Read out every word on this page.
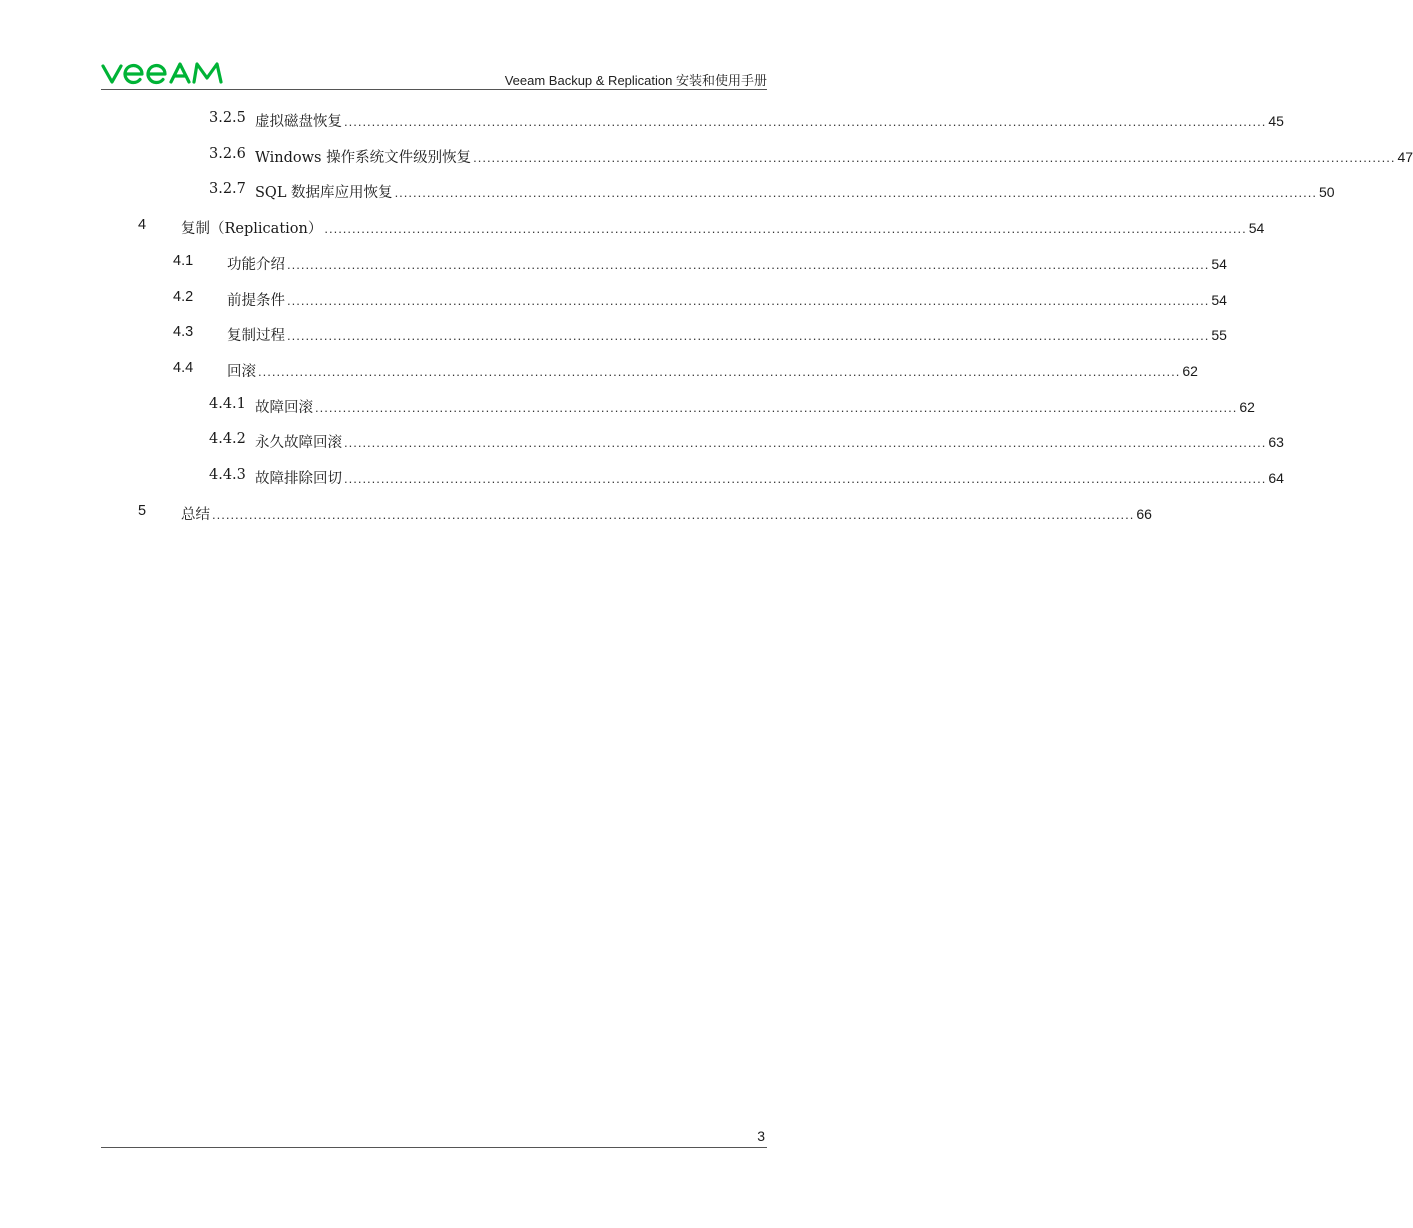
Veeam Backup & Replication 安装和使用手册
3.2.5 虚拟磁盘恢复 ........................................................................................................................................................................................................ 45
3.2.6 Windows 操作系统文件级别恢复 ........................................................................................................................................................................................................ 47
3.2.7 SQL 数据库应用恢复 ........................................................................................................................................................................................................ 50
4 复制（Replication） ........................................................................................................................................................................................................ 54
4.1 功能介绍 ........................................................................................................................................................................................................ 54
4.2 前提条件 ........................................................................................................................................................................................................ 54
4.3 复制过程 ........................................................................................................................................................................................................ 55
4.4 回滚 ........................................................................................................................................................................................................ 62
4.4.1 故障回滚 ........................................................................................................................................................................................................ 62
4.4.2 永久故障回滚 ........................................................................................................................................................................................................ 63
4.4.3 故障排除回切 ........................................................................................................................................................................................................ 64
5 总结 ........................................................................................................................................................................................................ 66
3
